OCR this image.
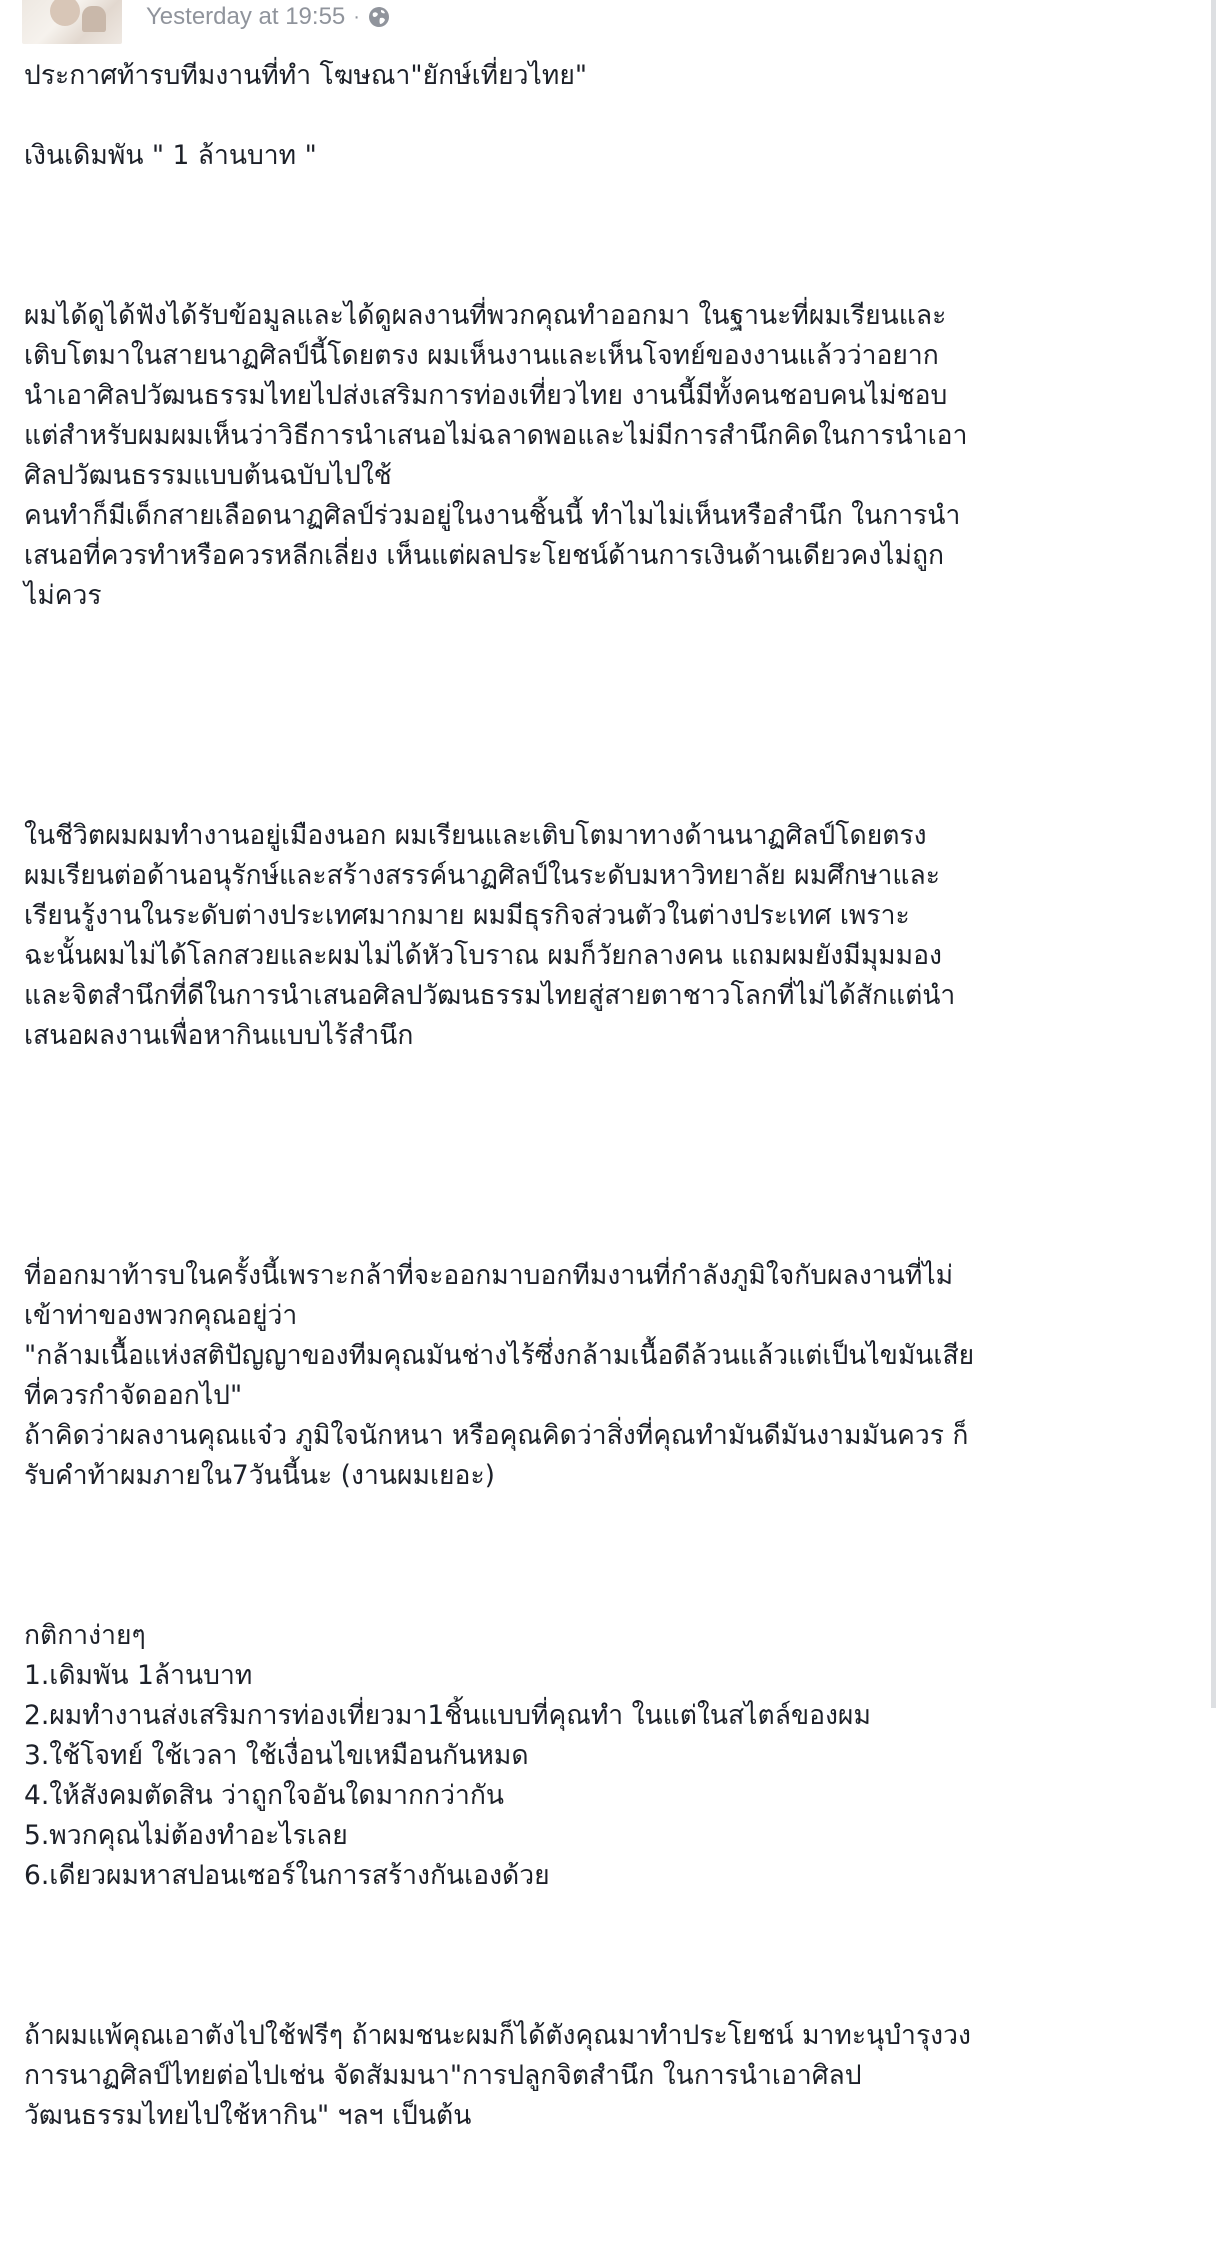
Yesterday at 19:55 ·

ประกาศท้ารบทีมงานที่ทำ โฆษณา"ยักษ์เที่ยวไทย"

เงินเดิมพัน " 1 ล้านบาท "

ผมได้ดูได้ฟังได้รับข้อมูลและได้ดูผลงานที่พวกคุณทำออกมา ในฐานะที่ผมเรียนและ
เติบโตมาในสายนาฏศิลป์นี้โดยตรง ผมเห็นงานและเห็นโจทย์ของงานแล้วว่าอยาก
นำเอาศิลปวัฒนธรรมไทยไปส่งเสริมการท่องเที่ยวไทย งานนี้มีทั้งคนชอบคนไม่ชอบ
แต่สำหรับผมผมเห็นว่าวิธีการนำเสนอไม่ฉลาดพอและไม่มีการสำนึกคิดในการนำเอา
ศิลปวัฒนธรรมแบบต้นฉบับไปใช้
คนทำก็มีเด็กสายเลือดนาฏศิลป์ร่วมอยู่ในงานชิ้นนี้ ทำไมไม่เห็นหรือสำนึก ในการนำ
เสนอที่ควรทำหรือควรหลีกเลี่ยง เห็นแต่ผลประโยชน์ด้านการเงินด้านเดียวคงไม่ถูก
ไม่ควร

ในชีวิตผมผมทำงานอยู่เมืองนอก ผมเรียนและเติบโตมาทางด้านนาฏศิลป์โดยตรง
ผมเรียนต่อด้านอนุรักษ์และสร้างสรรค์นาฏศิลป์ในระดับมหาวิทยาลัย ผมศึกษาและ
เรียนรู้งานในระดับต่างประเทศมากมาย ผมมีธุรกิจส่วนตัวในต่างประเทศ เพราะ
ฉะนั้นผมไม่ได้โลกสวยและผมไม่ได้หัวโบราณ ผมก็วัยกลางคน แถมผมยังมีมุมมอง
และจิตสำนึกที่ดีในการนำเสนอศิลปวัฒนธรรมไทยสู่สายตาชาวโลกที่ไม่ได้สักแต่นำ
เสนอผลงานเพื่อหากินแบบไร้สำนึก

ที่ออกมาท้ารบในครั้งนี้เพราะกล้าที่จะออกมาบอกทีมงานที่กำลังภูมิใจกับผลงานที่ไม่
เข้าท่าของพวกคุณอยู่ว่า
"กล้ามเนื้อแห่งสติปัญญาของทีมคุณมันช่างไร้ซึ่งกล้ามเนื้อดีล้วนแล้วแต่เป็นไขมันเสีย
ที่ควรกำจัดออกไป"
ถ้าคิดว่าผลงานคุณแจ๋ว ภูมิใจนักหนา หรือคุณคิดว่าสิ่งที่คุณทำมันดีมันงามมันควร ก็
รับคำท้าผมภายใน7วันนี้นะ (งานผมเยอะ)

กติกาง่ายๆ
1.เดิมพัน 1ล้านบาท
2.ผมทำงานส่งเสริมการท่องเที่ยวมา1ชิ้นแบบที่คุณทำ ในแต่ในสไตล์ของผม
3.ใช้โจทย์ ใช้เวลา ใช้เงื่อนไขเหมือนกันหมด
4.ให้สังคมตัดสิน ว่าถูกใจอันใดมากกว่ากัน
5.พวกคุณไม่ต้องทำอะไรเลย
6.เดียวผมหาสปอนเซอร์ในการสร้างกันเองด้วย

ถ้าผมแพ้คุณเอาตังไปใช้ฟรีๆ ถ้าผมชนะผมก็ได้ตังคุณมาทำประโยชน์ มาทะนุบำรุงวง
การนาฏศิลป์ไทยต่อไปเช่น จัดสัมมนา"การปลูกจิตสำนึก ในการนำเอาศิลป
วัฒนธรรมไทยไปใช้หากิน" ฯลฯ เป็นต้น
